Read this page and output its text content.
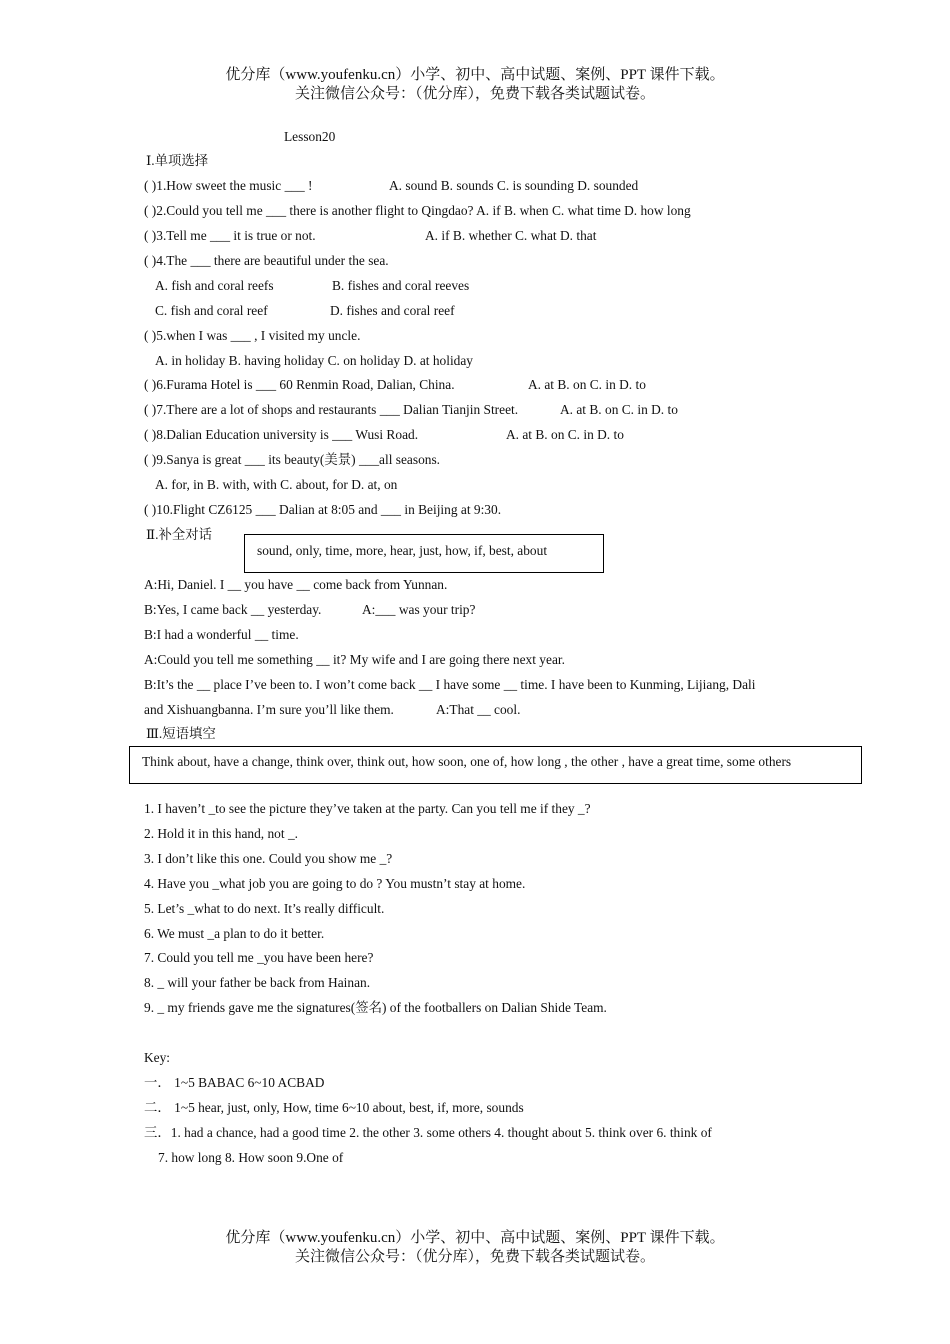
优分库（www.youfenku.cn）小学、初中、高中试题、案例、PPT 课件下载。
关注微信公众号：（优分库），免费下载各类试题试卷。
Lesson20
Ⅰ.单项选择
( )1.How sweet the music ___ !	A. sound B. sounds C. is sounding D. sounded
( )2.Could you tell me ___ there is another flight to Qingdao? A. if B. when C. what time D. how long
( )3.Tell me ___ it is true or not.	A. if B. whether C. what D. that
( )4.The ___ there are beautiful under the sea.
A. fish and coral reefs	B. fishes and coral reeves
C. fish and coral reef	D. fishes and coral reef
( )5.when I was ___ , I visited my uncle.
A. in holiday B. having holiday C. on holiday D. at holiday
( )6.Furama Hotel is ___ 60 Renmin Road, Dalian, China.	A. at B. on C. in D. to
( )7.There are a lot of shops and restaurants ___ Dalian Tianjin Street.	A. at B. on C. in D. to
( )8.Dalian Education university is ___ Wusi Road.	A. at B. on C. in D. to
( )9.Sanya is great ___ its beauty(美景) ___all seasons.
A. for, in B. with, with C. about, for D. at, on
( )10.Flight CZ6125 ___ Dalian at 8:05 and ___ in Beijing at 9:30.
Ⅱ.补全对话
sound, only, time, more, hear, just, how, if, best, about
A:Hi, Daniel. I __ you have __ come back from Yunnan.
B:Yes, I came back __ yesterday.	A:___ was your trip?
B:I had a wonderful __ time.
A:Could you tell me something __ it? My wife and I are going there next year.
B:It’s the __ place I’ve been to. I won’t come back __ I have some __ time. I have been to Kunming, Lijiang, Dali
and Xishuangbanna. I’m sure you’ll like them.	A:That __ cool.
Ⅲ.短语填空
Think about, have a change, think over, think out, how soon, one of, how long , the other , have a great time, some others
1. I haven’t _to see the picture they’ve taken at the party. Can you tell me if they _?
2. Hold it in this hand, not _.
3. I don’t like this one. Could you show me _?
4. Have you _what job you are going to do ? You mustn’t stay at home.
5. Let’s _what to do next. It’s really difficult.
6. We must _a plan to do it better.
7. Could you tell me _you have been here?
8. _ will your father be back from Hainan.
9. _ my friends gave me the signatures(签名) of the footballers on Dalian Shide Team.
Key:
一． 1~5 BABAC 6~10 ACBAD
二． 1~5 hear, just, only, How, time 6~10 about, best, if, more, sounds
三．1. had a chance, had a good time 2. the other 3. some others 4. thought about 5. think over 6. think of
7. how long 8. How soon 9.One of
优分库（www.youfenku.cn）小学、初中、高中试题、案例、PPT 课件下载。
关注微信公众号：（优分库），免费下载各类试题试卷。
